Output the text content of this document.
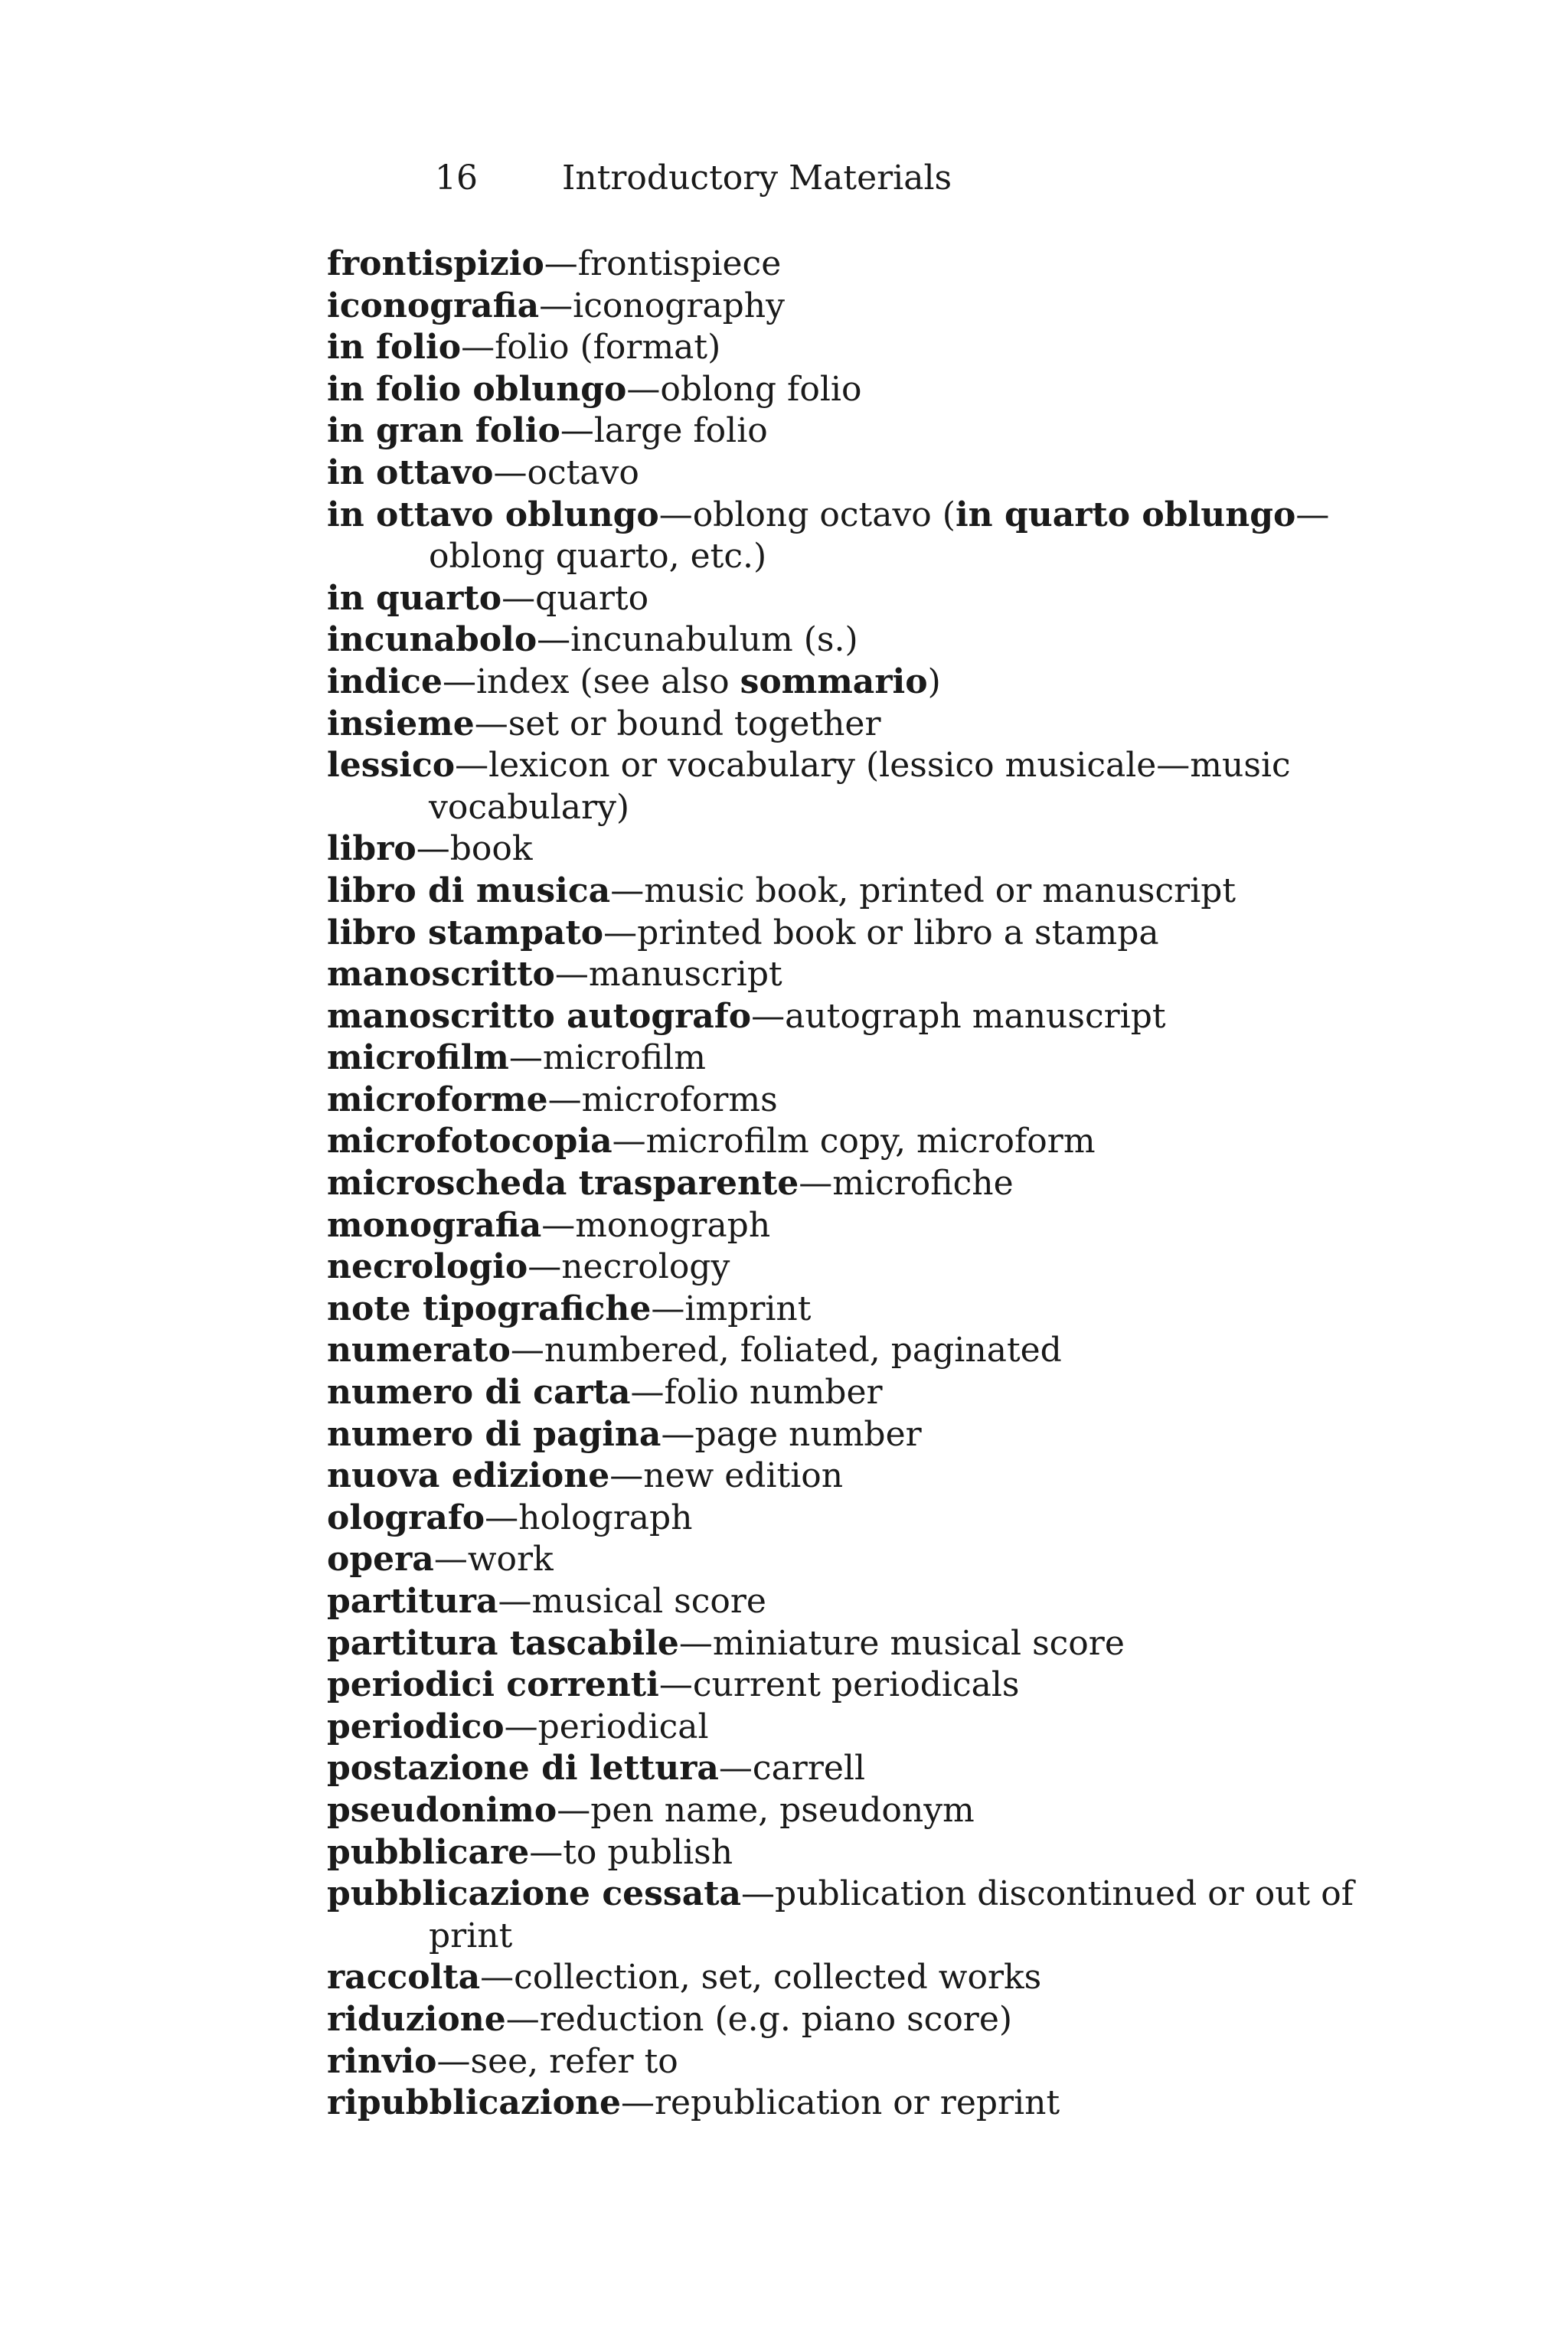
16	Introductory Materials
frontispizio—frontispiece
iconografia—iconography
in folio—folio (format)
in folio oblungo—oblong folio
in gran folio—large folio
in ottavo—octavo
in ottavo oblungo—oblong octavo (in quarto oblungo—oblong quarto, etc.)
in quarto—quarto
incunabolo—incunabulum (s.)
indice—index (see also sommario)
insieme—set or bound together
lessico—lexicon or vocabulary (lessico musicale—music vocabulary)
libro—book
libro di musica—music book, printed or manuscript
libro stampato—printed book or libro a stampa
manoscritto—manuscript
manoscritto autografo—autograph manuscript
microfilm—microfilm
microforme—microforms
microfotocopia—microfilm copy, microform
microscheda trasparente—microfiche
monografia—monograph
necrologio—necrology
note tipografiche—imprint
numerato—numbered, foliated, paginated
numero di carta—folio number
numero di pagina—page number
nuova edizione—new edition
olografo—holograph
opera—work
partitura—musical score
partitura tascabile—miniature musical score
periodici correnti—current periodicals
periodico—periodical
postazione di lettura—carrell
pseudonimo—pen name, pseudonym
pubblicare—to publish
pubblicazione cessata—publication discontinued or out of print
raccolta—collection, set, collected works
riduzione—reduction (e.g. piano score)
rinvio—see, refer to
ripubblicazione—republication or reprint
